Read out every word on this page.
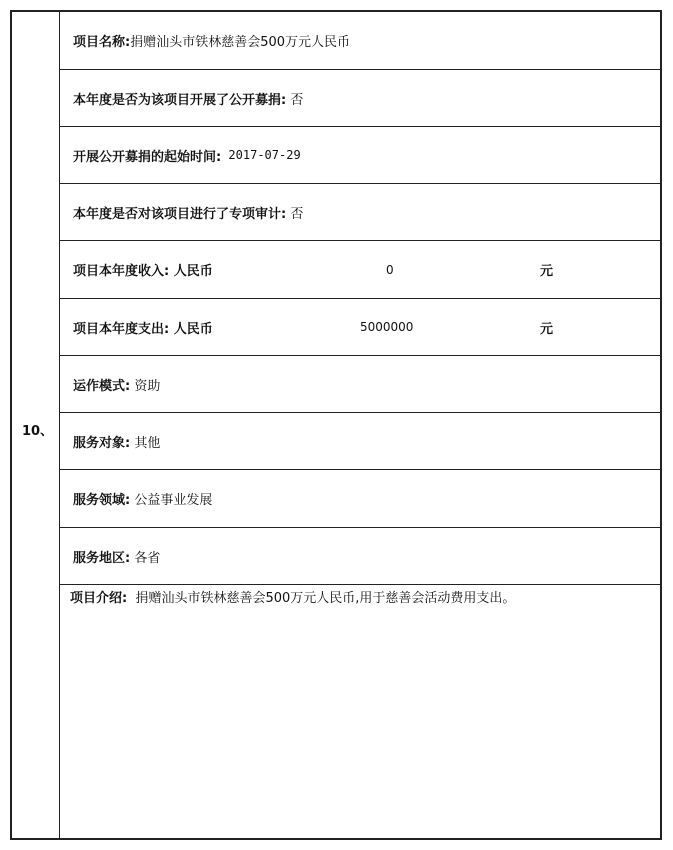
10、
项目名称: 捐赠汕头市铁林慈善会500万元人民币
本年度是否为该项目开展了公开募捐: 否
开展公开募捐的起始时间: 2017-07-29
本年度是否对该项目进行了专项审计: 否
项目本年度收入: 人民币	0	元
项目本年度支出: 人民币	5000000	元
运作模式: 资助
服务对象: 其他
服务领域: 公益事业发展
服务地区: 各省
项目介绍:  捐赠汕头市铁林慈善会500万元人民币,用于慈善会活动费用支出。
